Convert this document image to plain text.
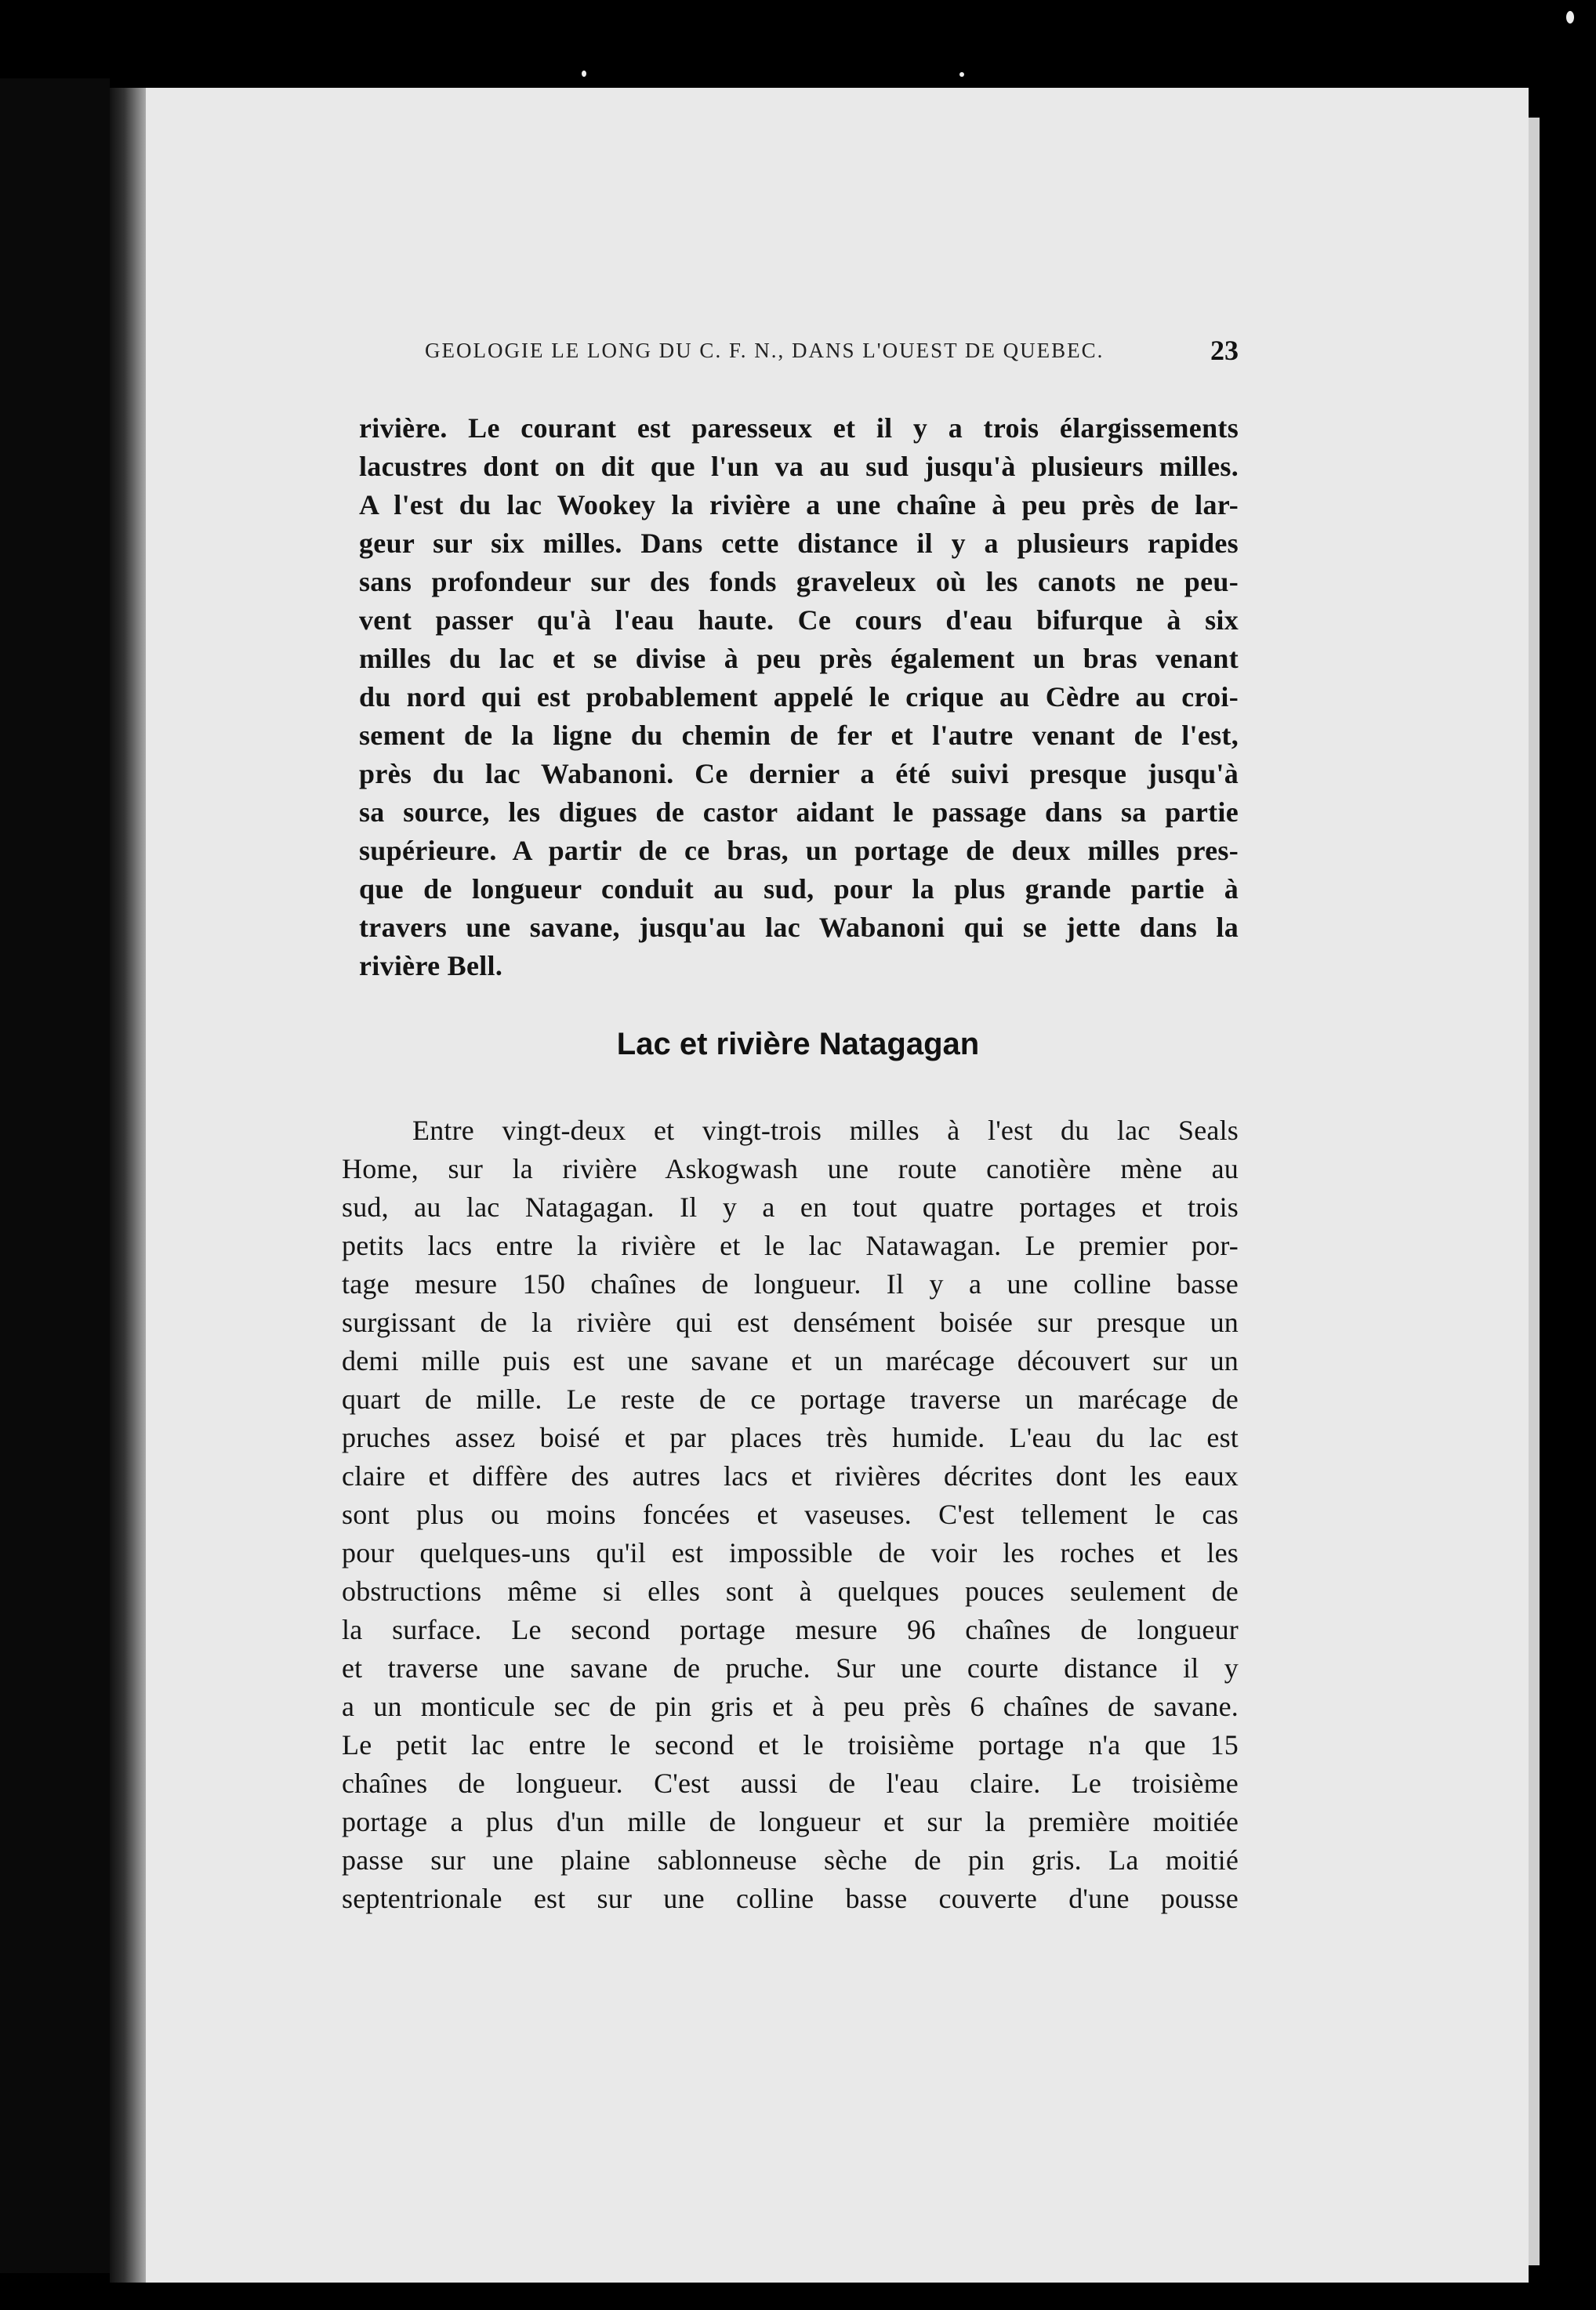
GEOLOGIE LE LONG DU C. F. N., DANS L'OUEST DE QUEBEC.	23
rivière. Le courant est paresseux et il y a trois élargissements
lacustres dont on dit que l'un va au sud jusqu'à plusieurs milles.
A l'est du lac Wookey la rivière a une chaîne à peu près de lar-
geur sur six milles. Dans cette distance il y a plusieurs rapides
sans profondeur sur des fonds graveleux où les canots ne peu-
vent passer qu'à l'eau haute. Ce cours d'eau bifurque à six
milles du lac et se divise à peu près également un bras venant
du nord qui est probablement appelé le crique au Cèdre au croi-
sement de la ligne du chemin de fer et l'autre venant de l'est,
près du lac Wabanoni. Ce dernier a été suivi presque jusqu'à
sa source, les digues de castor aidant le passage dans sa partie
supérieure. A partir de ce bras, un portage de deux milles pres-
que de longueur conduit au sud, pour la plus grande partie à
travers une savane, jusqu'au lac Wabanoni qui se jette dans la
rivière Bell.
Lac et rivière Natagagan
Entre vingt-deux et vingt-trois milles à l'est du lac Seals
Home, sur la rivière Askogwash une route canotière mène au
sud, au lac Natagagan. Il y a en tout quatre portages et trois
petits lacs entre la rivière et le lac Natawagan. Le premier por-
tage mesure 150 chaînes de longueur. Il y a une colline basse
surgissant de la rivière qui est densément boisée sur presque un
demi mille puis est une savane et un marécage découvert sur un
quart de mille. Le reste de ce portage traverse un marécage de
pruches assez boisé et par places très humide. L'eau du lac est
claire et diffère des autres lacs et rivières décrites dont les eaux
sont plus ou moins foncées et vaseuses. C'est tellement le cas
pour quelques-uns qu'il est impossible de voir les roches et les
obstructions même si elles sont à quelques pouces seulement de
la surface. Le second portage mesure 96 chaînes de longueur
et traverse une savane de pruche. Sur une courte distance il y
a un monticule sec de pin gris et à peu près 6 chaînes de savane.
Le petit lac entre le second et le troisième portage n'a que 15
chaînes de longueur. C'est aussi de l'eau claire. Le troisième
portage a plus d'un mille de longueur et sur la première moitiée
passe sur une plaine sablonneuse sèche de pin gris. La moitié
septentrionale est sur une colline basse couverte d'une pousse
